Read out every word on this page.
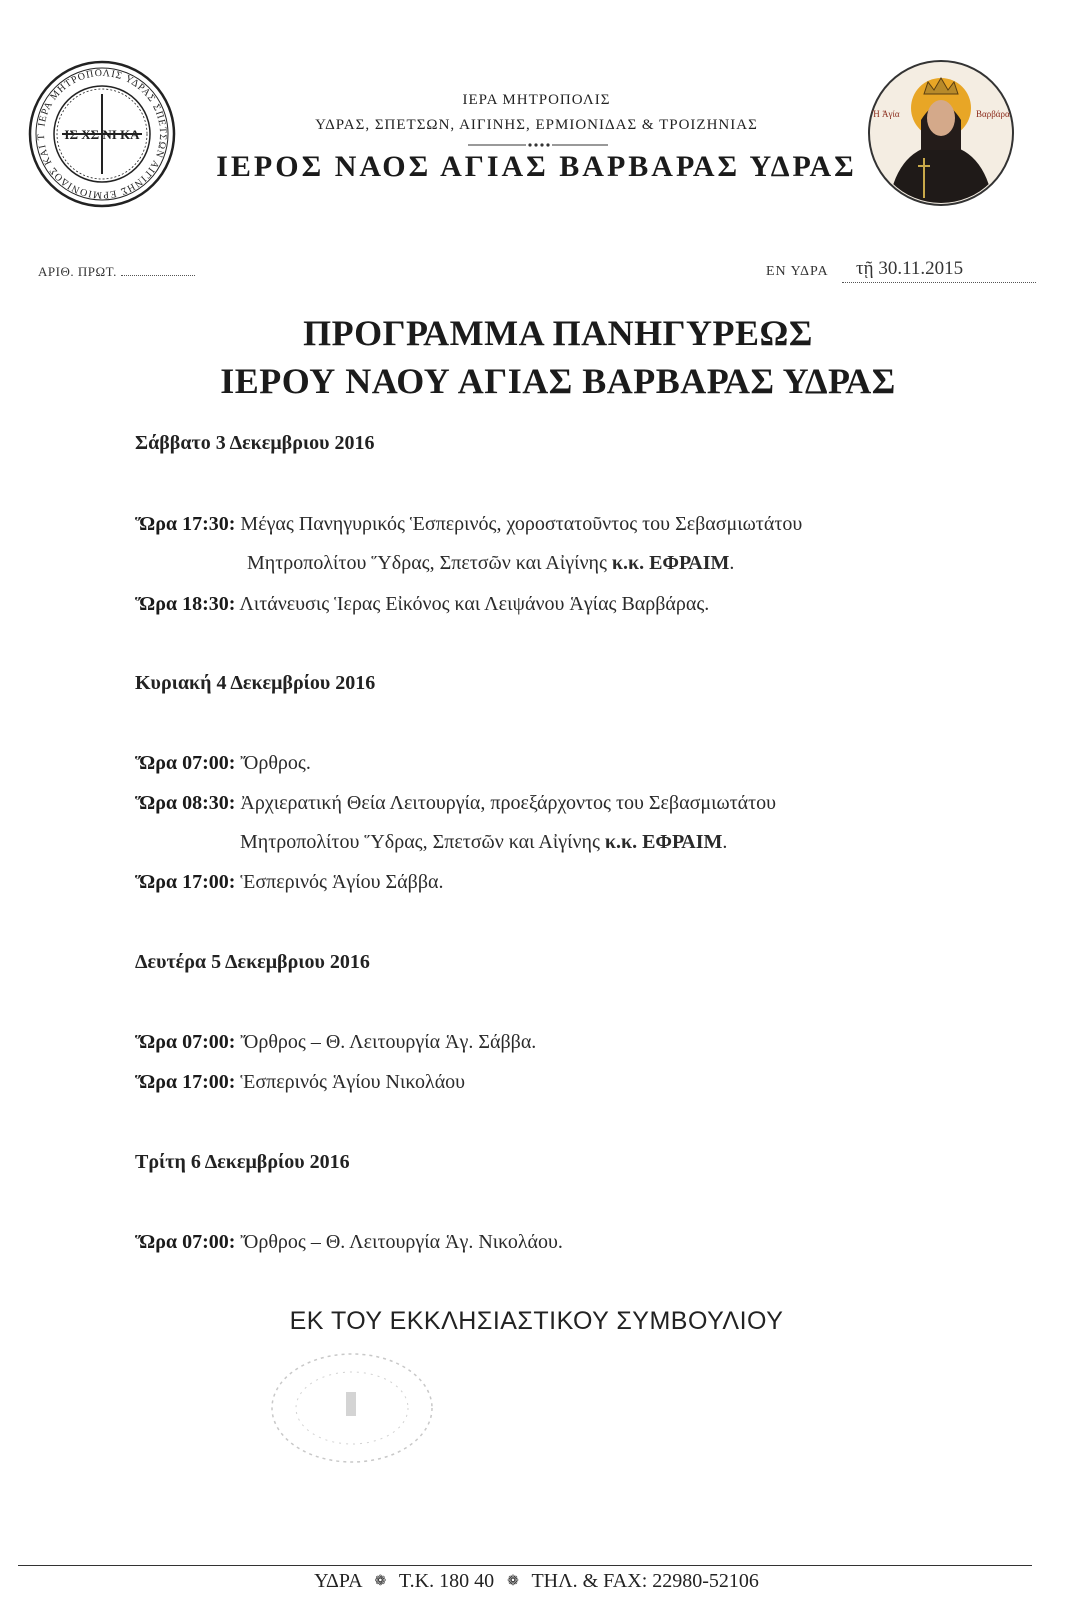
ΙΕΡΑ ΜΗΤΡΟΠΟΛΙΣ ΥΔΡΑΣ ΣΠΕΤΣΩΝ ΑΙΓΙΝΗΣ ΕΡΜΙΟΝΙΔΟΣ ΚΑΙ Τ	ΙΣ ΧΣ ΝΙ ΚΑ
ΙΕΡΑ ΜΗΤΡΟΠΟΛΙΣ
ΥΔΡΑΣ, ΣΠΕΤΣΩΝ, ΑΙΓΙΝΗΣ, ΕΡΜΙΟΝΙΔΑΣ & ΤΡΟΙΖΗΝΙΑΣ
ΙΕΡΟΣ ΝΑΟΣ ΑΓΙΑΣ ΒΑΡΒΑΡΑΣ ΥΔΡΑΣ
Ἡ Ἁγία	Βαρβάρα
ΑΡΙΘ. ΠΡΩΤ.	ΕΝ ΥΔΡΑ τῇ 30.11.2015
ΠΡΟΓΡΑΜΜΑ ΠΑΝΗΓΥΡΕΩΣ
ΙΕΡΟΥ ΝΑΟΥ ΑΓΙΑΣ ΒΑΡΒΑΡΑΣ ΥΔΡΑΣ
Σάββατο 3 Δεκεμβριου 2016
Ὥρα 17:30: Μέγας Πανηγυρικός Ἑσπερινός, χοροστατοῦντος του Σεβασμιωτάτου
Μητροπολίτου Ὕδρας, Σπετσῶν και Αἰγίνης κ.κ. ΕΦΡΑΙΜ.
Ὥρα 18:30: Λιτάνευσις Ἱερας Εἰκόνος και Λειψάνου Ἁγίας Βαρβάρας.
Κυριακή 4 Δεκεμβρίου 2016
Ὥρα 07:00: Ὄρθρος.
Ὥρα 08:30: Ἀρχιερατική Θεία Λειτουργία, προεξάρχοντος του Σεβασμιωτάτου
Μητροπολίτου Ὕδρας, Σπετσῶν και Αἰγίνης κ.κ. ΕΦΡΑΙΜ.
Ὥρα 17:00: Ἑσπερινός Ἁγίου Σάββα.
Δευτέρα 5 Δεκεμβριου 2016
Ὥρα 07:00: Ὄρθρος – Θ. Λειτουργία Ἁγ. Σάββα.
Ὥρα 17:00: Ἑσπερινός Ἁγίου Νικολάου
Τρίτη 6 Δεκεμβρίου 2016
Ὥρα 07:00: Ὄρθρος – Θ. Λειτουργία Ἁγ. Νικολάου.
ΕΚ ΤΟΥ ΕΚΚΛΗΣΙΑΣΤΙΚΟΥ ΣΥΜΒΟΥΛΙΟΥ
ΥΔΡΑ ❁ Τ.Κ. 180 40 ❁ ΤΗΛ. & FAX: 22980-52106
